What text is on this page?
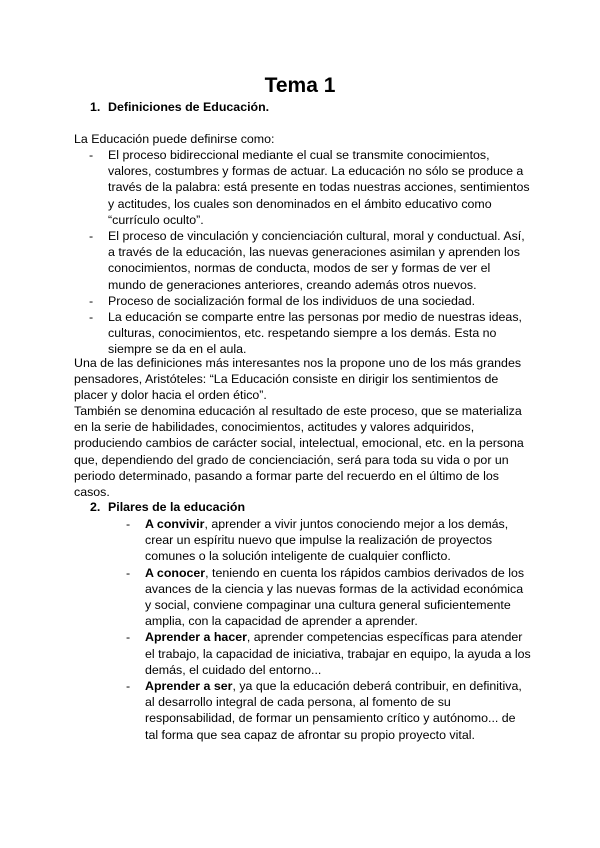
Tema 1
1. Definiciones de Educación.
La Educación puede definirse como:
- El proceso bidireccional mediante el cual se transmite conocimientos, valores, costumbres y formas de actuar. La educación no sólo se produce a través de la palabra: está presente en todas nuestras acciones, sentimientos y actitudes, los cuales son denominados en el ámbito educativo como “currículo oculto”.
- El proceso de vinculación y concienciación cultural, moral y conductual. Así, a través de la educación, las nuevas generaciones asimilan y aprenden los conocimientos, normas de conducta, modos de ser y formas de ver el mundo de generaciones anteriores, creando además otros nuevos.
- Proceso de socialización formal de los individuos de una sociedad.
- La educación se comparte entre las personas por medio de nuestras ideas, culturas, conocimientos, etc. respetando siempre a los demás. Esta no siempre se da en el aula.
Una de las definiciones más interesantes nos la propone uno de los más grandes pensadores, Aristóteles: “La Educación consiste en dirigir los sentimientos de placer y dolor hacia el orden ético”.
También se denomina educación al resultado de este proceso, que se materializa en la serie de habilidades, conocimientos, actitudes y valores adquiridos, produciendo cambios de carácter social, intelectual, emocional, etc. en la persona que, dependiendo del grado de concienciación, será para toda su vida o por un periodo determinado, pasando a formar parte del recuerdo en el último de los casos.
2. Pilares de la educación
- A convivir, aprender a vivir juntos conociendo mejor a los demás, crear un espíritu nuevo que impulse la realización de proyectos comunes o la solución inteligente de cualquier conflicto.
- A conocer, teniendo en cuenta los rápidos cambios derivados de los avances de la ciencia y las nuevas formas de la actividad económica y social, conviene compaginar una cultura general suficientemente amplia, con la capacidad de aprender a aprender.
- Aprender a hacer, aprender competencias específicas para atender el trabajo, la capacidad de iniciativa, trabajar en equipo, la ayuda a los demás, el cuidado del entorno...
- Aprender a ser, ya que la educación deberá contribuir, en definitiva, al desarrollo integral de cada persona, al fomento de su responsabilidad, de formar un pensamiento crítico y autónomo... de tal forma que sea capaz de afrontar su propio proyecto vital.
